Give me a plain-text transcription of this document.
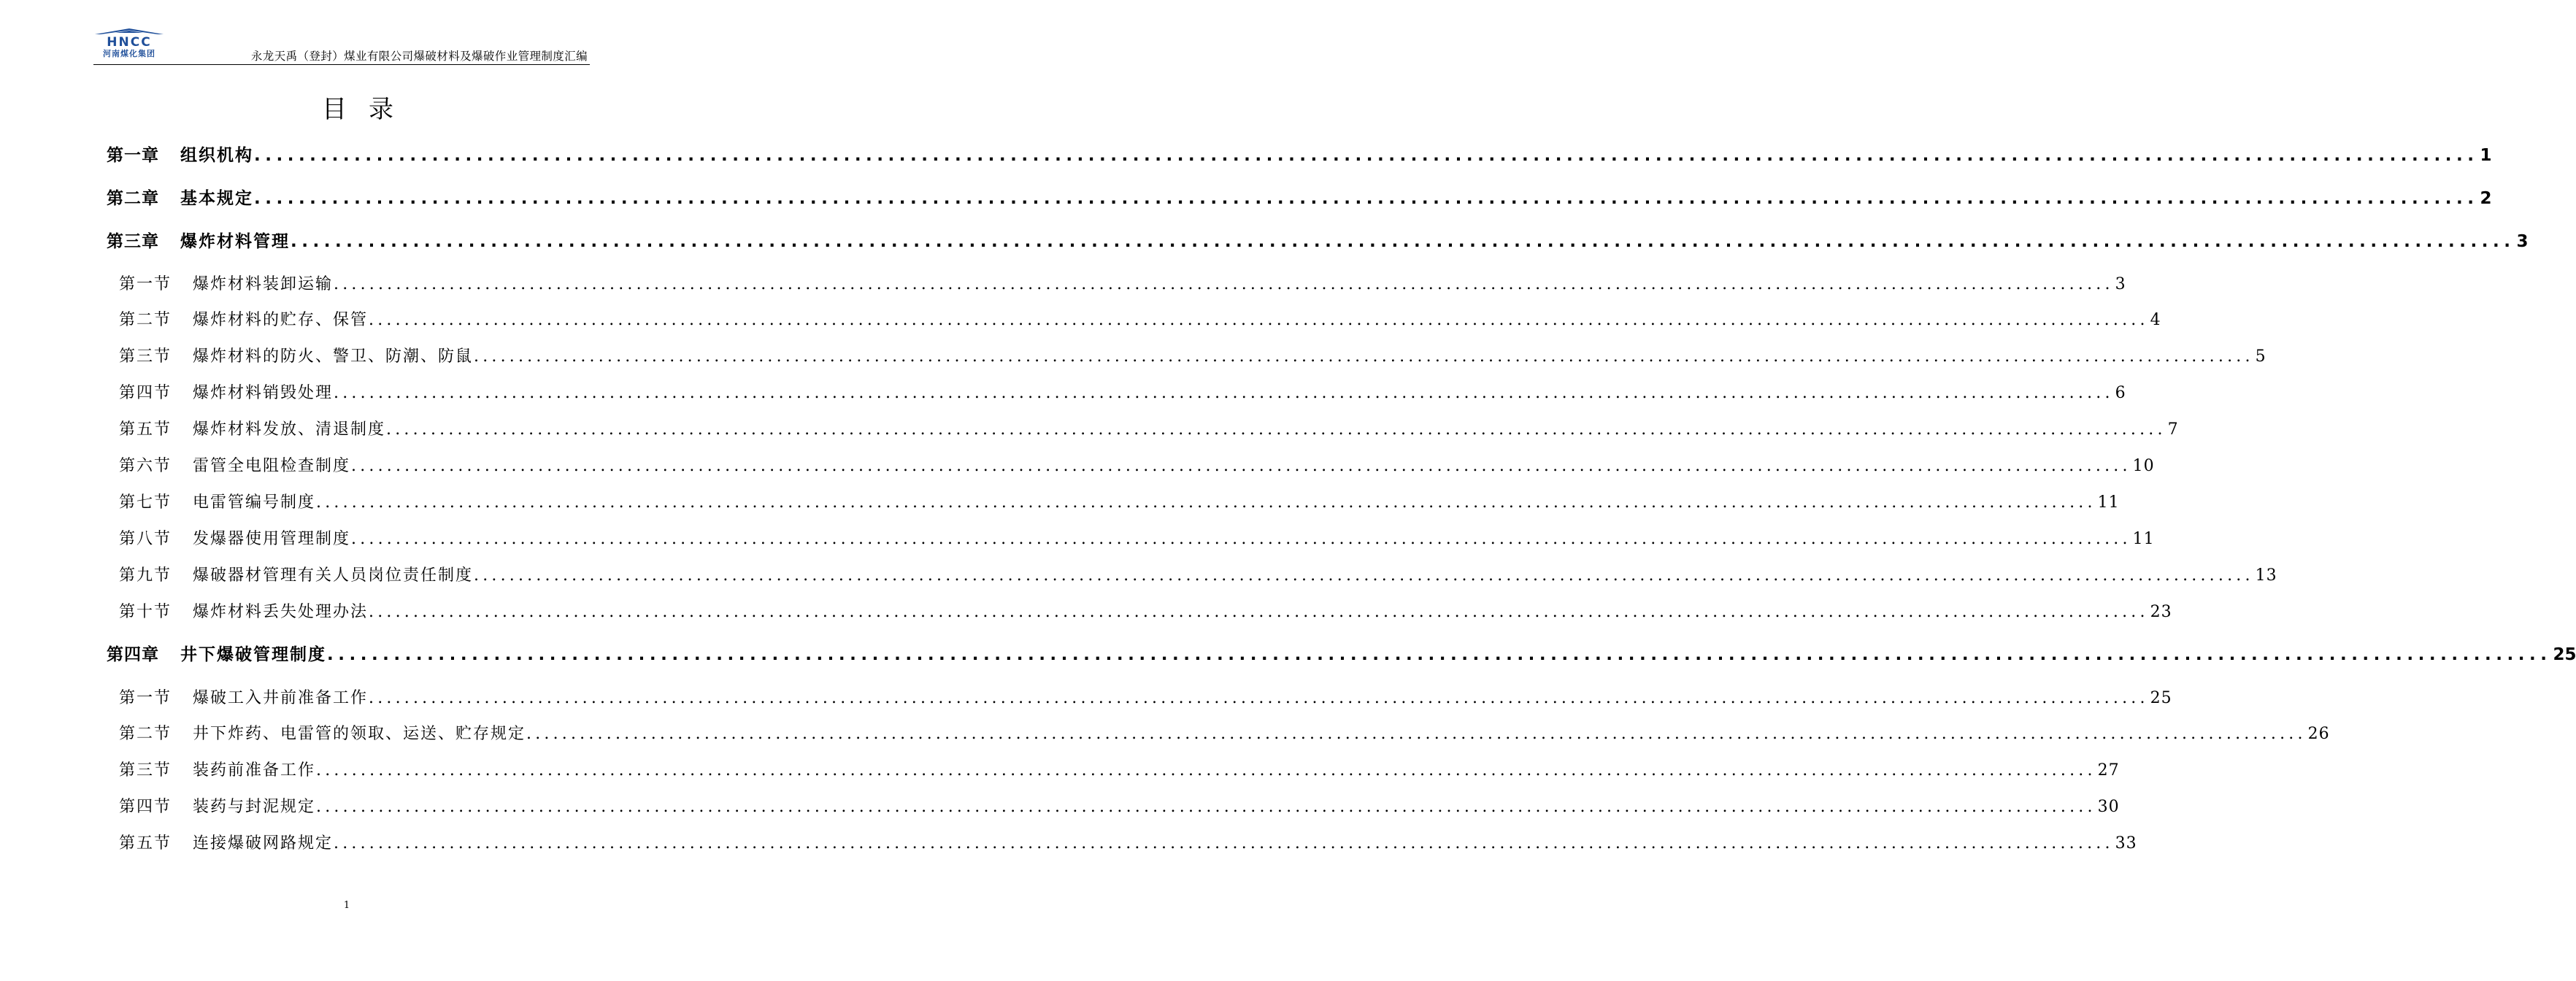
HNCC
河南煤化集团	永龙天禹（登封）煤业有限公司爆破材料及爆破作业管理制度汇编
目录
第一章	组织机构 ........................................................................................................................................................................................................ 1
第二章	基本规定 ........................................................................................................................................................................................................ 2
第三章	爆炸材料管理 ........................................................................................................................................................................................................ 3
第一节	爆炸材料装卸运输 ........................................................................................................................................................................................................ 3
第二节	爆炸材料的贮存、保管 ........................................................................................................................................................................................................ 4
第三节	爆炸材料的防火、警卫、防潮、防鼠 ........................................................................................................................................................................................................ 5
第四节	爆炸材料销毁处理 ........................................................................................................................................................................................................ 6
第五节	爆炸材料发放、清退制度 ........................................................................................................................................................................................................ 7
第六节	雷管全电阻检查制度 ........................................................................................................................................................................................................ 10
第七节	电雷管编号制度 ........................................................................................................................................................................................................ 11
第八节	发爆器使用管理制度 ........................................................................................................................................................................................................ 11
第九节	爆破器材管理有关人员岗位责任制度 ........................................................................................................................................................................................................ 13
第十节	爆炸材料丢失处理办法 ........................................................................................................................................................................................................ 23
第四章	井下爆破管理制度 ........................................................................................................................................................................................................ 25
第一节	爆破工入井前准备工作 ........................................................................................................................................................................................................ 25
第二节	井下炸药、电雷管的领取、运送、贮存规定 ........................................................................................................................................................................................................ 26
第三节	装药前准备工作 ........................................................................................................................................................................................................ 27
第四节	装药与封泥规定 ........................................................................................................................................................................................................ 30
第五节	连接爆破网路规定 ........................................................................................................................................................................................................ 33
1
